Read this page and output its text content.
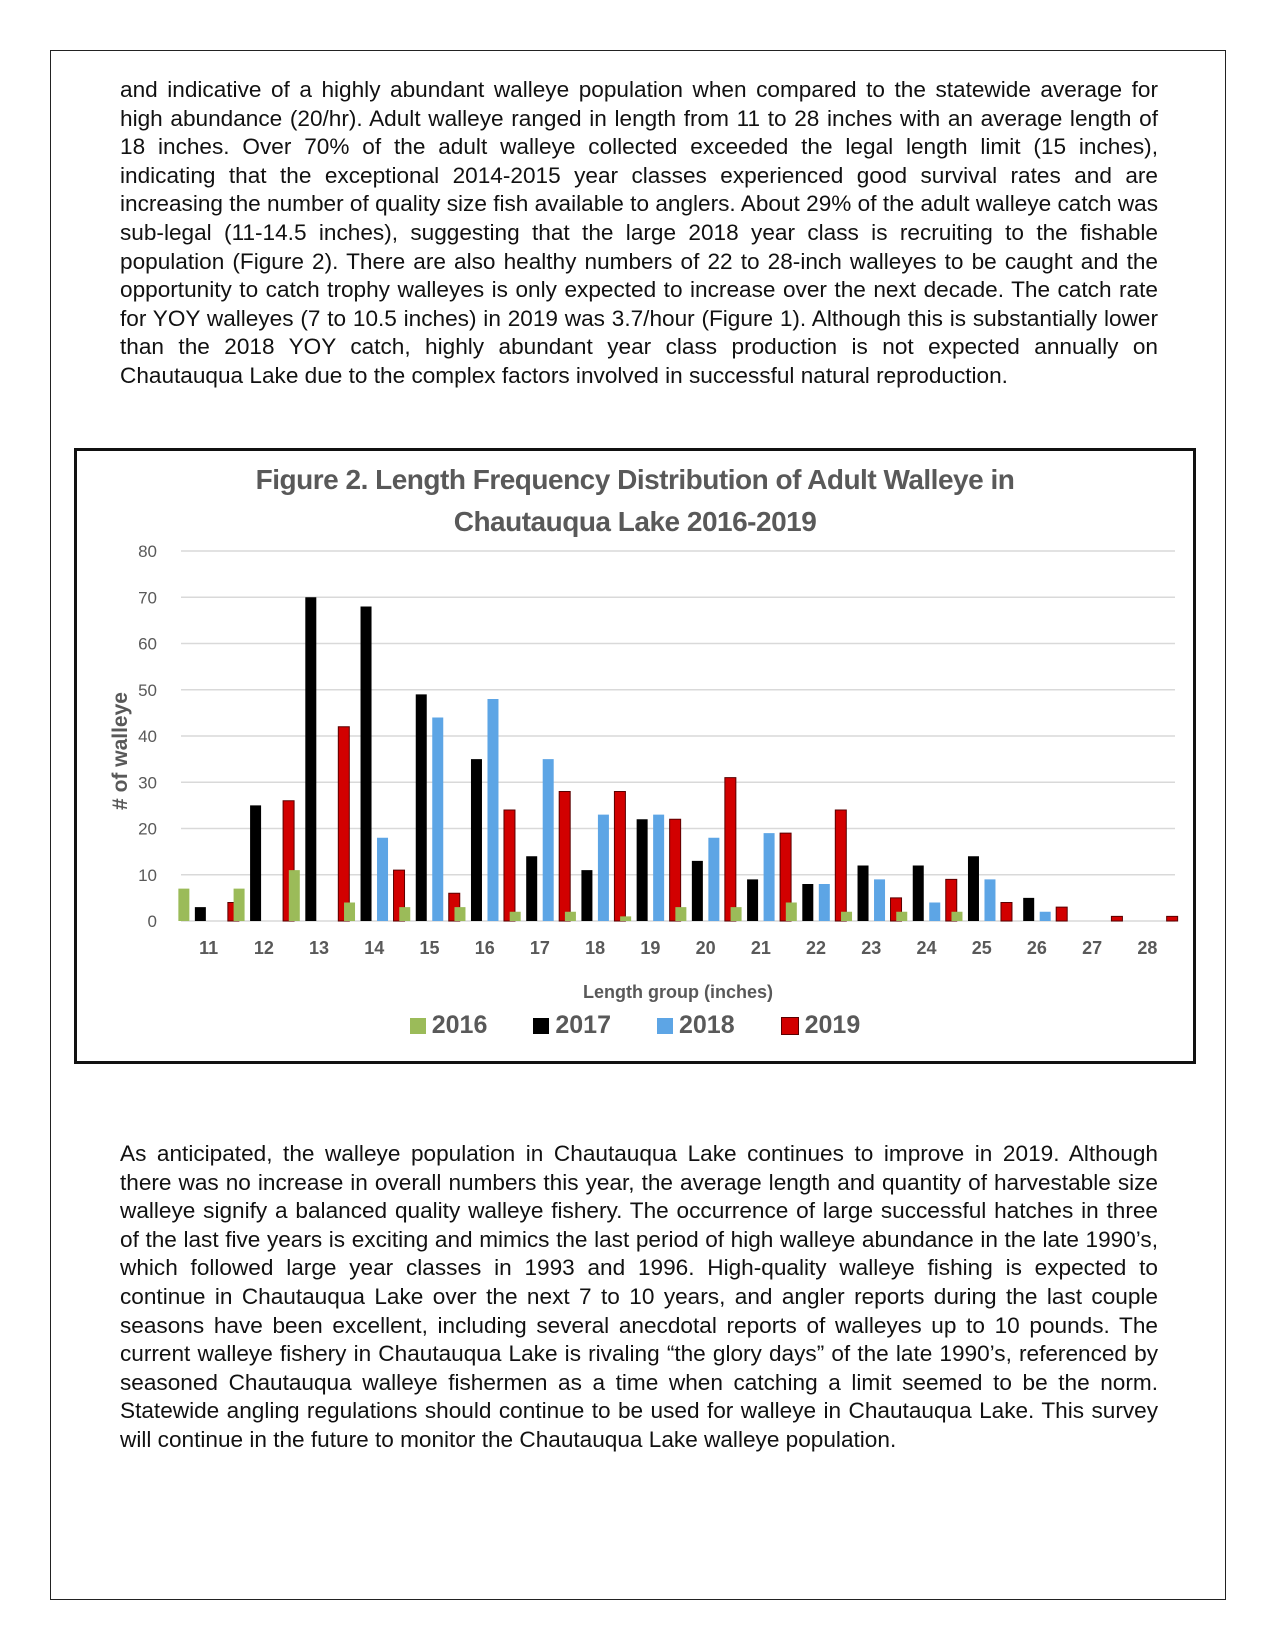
and indicative of a highly abundant walleye population when compared to the statewide average for high abundance (20/hr). Adult walleye ranged in length from 11 to 28 inches with an average length of 18 inches. Over 70% of the adult walleye collected exceeded the legal length limit (15 inches), indicating that the exceptional 2014-2015 year classes experienced good survival rates and are increasing the number of quality size fish available to anglers. About 29% of the adult walleye catch was sub-legal (11-14.5 inches), suggesting that the large 2018 year class is recruiting to the fishable population (Figure 2). There are also healthy numbers of 22 to 28-inch walleyes to be caught and the opportunity to catch trophy walleyes is only expected to increase over the next decade. The catch rate for YOY walleyes (7 to 10.5 inches) in 2019 was 3.7/hour (Figure 1). Although this is substantially lower than the 2018 YOY catch, highly abundant year class production is not expected annually on Chautauqua Lake due to the complex factors involved in successful natural reproduction.

Figure 2. Length Frequency Distribution of Adult Walleye in
Chautauqua Lake 2016-2019
0
10
20
30
40
50
60
70
80
11 12 13 14 15 16 17 18 19 20 21 22 23 24 25 26 27 28
Length group (inches)
# of walleye
2016	2017	2018	2019

As anticipated, the walleye population in Chautauqua Lake continues to improve in 2019. Although there was no increase in overall numbers this year, the average length and quantity of harvestable size walleye signify a balanced quality walleye fishery. The occurrence of large successful hatches in three of the last five years is exciting and mimics the last period of high walleye abundance in the late 1990’s, which followed large year classes in 1993 and 1996. High-quality walleye fishing is expected to continue in Chautauqua Lake over the next 7 to 10 years, and angler reports during the last couple seasons have been excellent, including several anecdotal reports of walleyes up to 10 pounds. The current walleye fishery in Chautauqua Lake is rivaling “the glory days” of the late 1990’s, referenced by seasoned Chautauqua walleye fishermen as a time when catching a limit seemed to be the norm. Statewide angling regulations should continue to be used for walleye in Chautauqua Lake. This survey will continue in the future to monitor the Chautauqua Lake walleye population.
